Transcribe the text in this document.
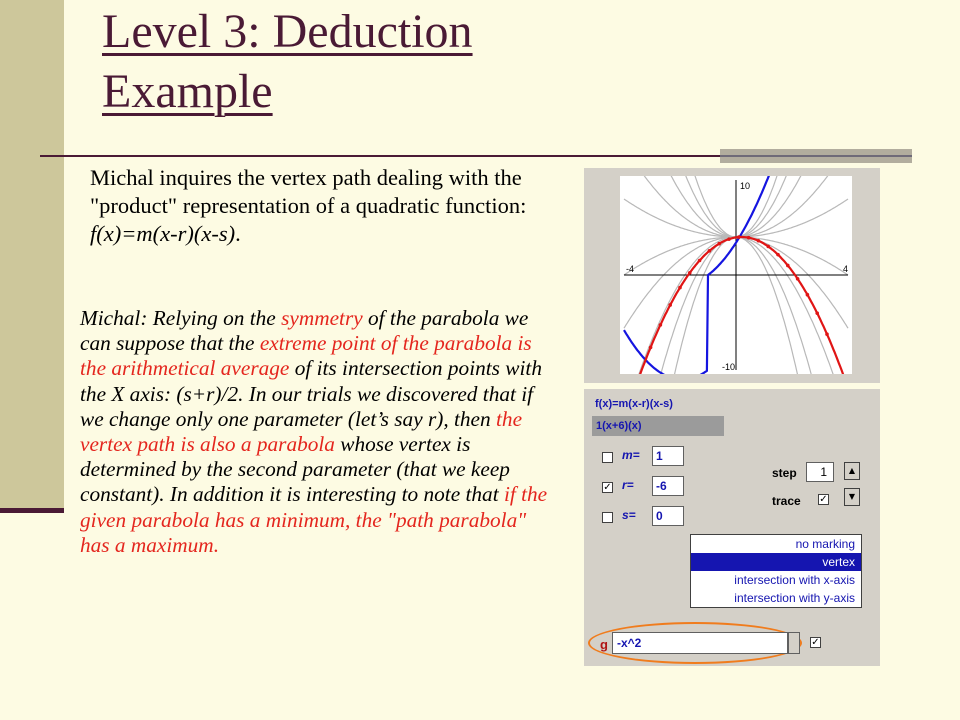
Level 3: Deduction
Example

Michal inquires the vertex path dealing with the "product" representation of a quadratic function: f(x)=m(x-r)(x-s).

Michal: Relying on the symmetry of the parabola we can suppose that the extreme point of the parabola is the arithmetical average of its intersection points with the X axis: (s+r)/2. In our trials we discovered that if we change only one parameter (let’s say r), then the vertex path is also a parabola whose vertex is determined by the second parameter (that we keep constant). In addition it is interesting to note that if the given parabola has a minimum, the "path parabola" has a maximum.

10
-10
-4	4
f(x)=m(x-r)(x-s)
1(x+6)(x)
m=	1
✓ r=	-6
s=	0
step	1	▲
▼
trace ✓
no marking
vertex
intersection with x-axis
intersection with y-axis
g -x^2	✓
